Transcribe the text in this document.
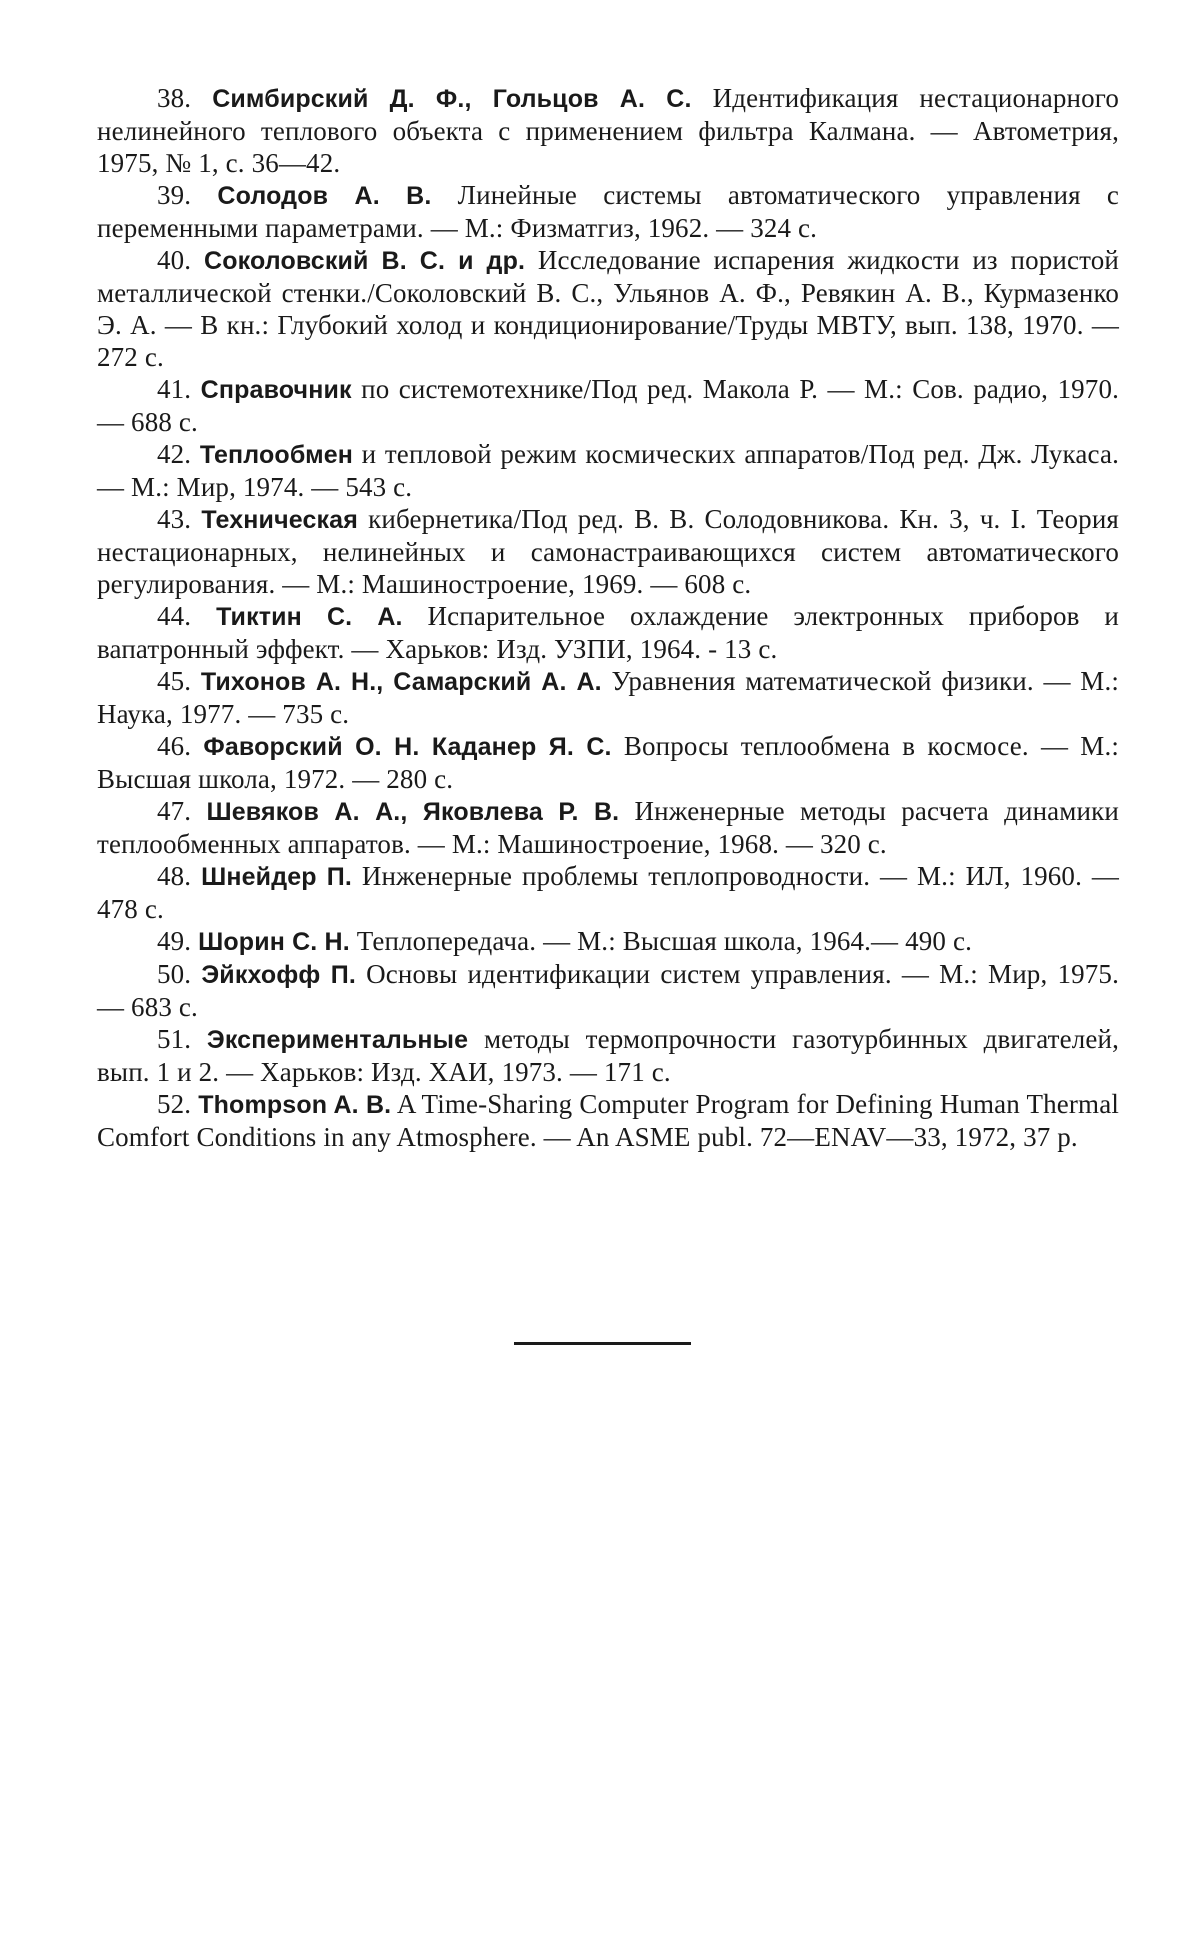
38. Симбирский Д. Ф., Гольцов А. С. Идентификация нестационарного нелинейного теплового объекта с применением фильтра Калмана. — Автометрия, 1975, № 1, с. 36—42.

39. Солодов А. В. Линейные системы автоматического управления с переменными параметрами. — М.: Физматгиз, 1962. — 324 с.

40. Соколовский В. С. и др. Исследование испарения жидкости из пористой металлической стенки./Соколовский В. С., Ульянов А. Ф., Ревякин А. В., Курмазенко Э. А. — В кн.: Глубокий холод и кондиционирование/Труды МВТУ, вып. 138, 1970. — 272 с.

41. Справочник по системотехнике/Под ред. Макола Р. — М.: Сов. радио, 1970. — 688 с.

42. Теплообмен и тепловой режим космических аппаратов/Под ред. Дж. Лукаса. — М.: Мир, 1974. — 543 с.

43. Техническая кибернетика/Под ред. В. В. Солодовникова. Кн. 3, ч. I. Теория нестационарных, нелинейных и самонастраивающихся систем автоматического регулирования. — М.: Машиностроение, 1969. — 608 с.

44. Тиктин С. А. Испарительное охлаждение электронных приборов и вапатронный эффект. — Харьков: Изд. УЗПИ, 1964. - 13 с.

45. Тихонов А. Н., Самарский А. А. Уравнения математической физики. — М.: Наука, 1977. — 735 с.

46. Фаворский О. Н. Каданер Я. С. Вопросы теплообмена в космосе. — М.: Высшая школа, 1972. — 280 с.

47. Шевяков А. А., Яковлева Р. В. Инженерные методы расчета динамики теплообменных аппаратов. — М.: Машиностроение, 1968. — 320 с.

48. Шнейдер П. Инженерные проблемы теплопроводности. — М.: ИЛ, 1960. — 478 с.

49. Шорин С. Н. Теплопередача. — М.: Высшая школа, 1964.— 490 с.

50. Эйкхофф П. Основы идентификации систем управления. — М.: Мир, 1975. — 683 с.

51. Экспериментальные методы термопрочности газотурбинных двигателей, вып. 1 и 2. — Харьков: Изд. ХАИ, 1973. — 171 с.

52. Thompson A. B. A Time-Sharing Computer Program for Defining Human Thermal Comfort Conditions in any Atmosphere. — An ASME publ. 72—ENAV—33, 1972, 37 p.
